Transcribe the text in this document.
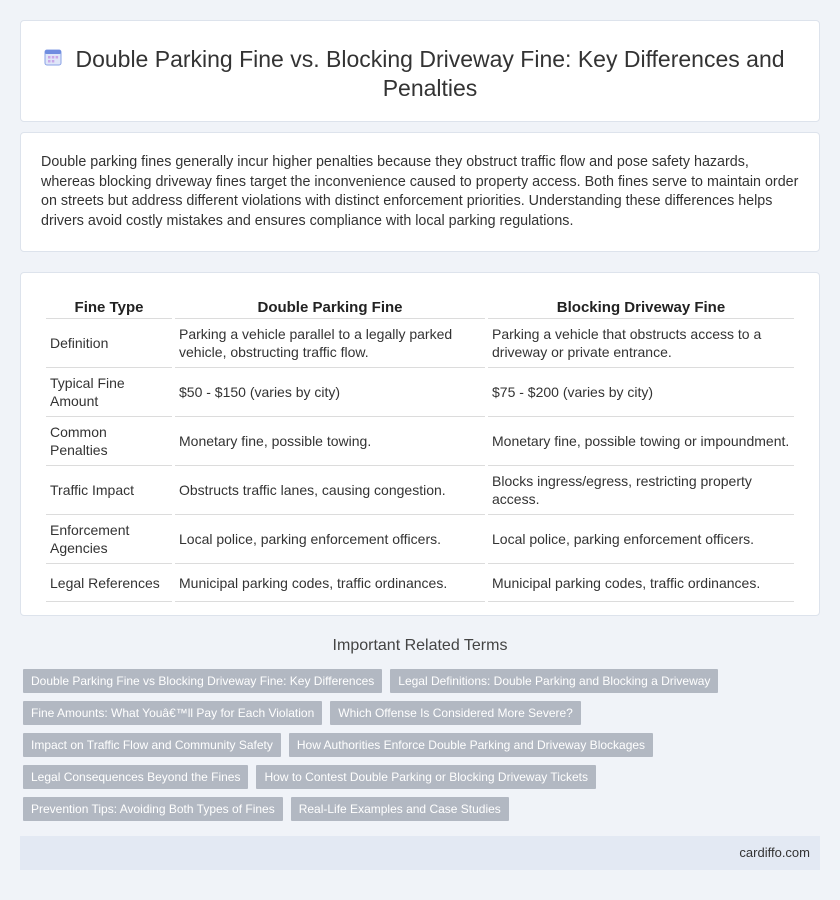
Double Parking Fine vs. Blocking Driveway Fine: Key Differences and Penalties

Double parking fines generally incur higher penalties because they obstruct traffic flow and pose safety hazards, whereas blocking driveway fines target the inconvenience caused to property access. Both fines serve to maintain order on streets but address different violations with distinct enforcement priorities. Understanding these differences helps drivers avoid costly mistakes and ensures compliance with local parking regulations.

Fine Type	Double Parking Fine	Blocking Driveway Fine
Definition	Parking a vehicle parallel to a legally parked vehicle, obstructing traffic flow.	Parking a vehicle that obstructs access to a driveway or private entrance.
Typical Fine Amount	$50 - $150 (varies by city)	$75 - $200 (varies by city)
Common Penalties	Monetary fine, possible towing.	Monetary fine, possible towing or impoundment.
Traffic Impact	Obstructs traffic lanes, causing congestion.	Blocks ingress/egress, restricting property access.
Enforcement Agencies	Local police, parking enforcement officers.	Local police, parking enforcement officers.
Legal References	Municipal parking codes, traffic ordinances.	Municipal parking codes, traffic ordinances.
Important Related Terms
Double Parking Fine vs Blocking Driveway Fine: Key Differences	Legal Definitions: Double Parking and Blocking a Driveway
Fine Amounts: What Youâ€™ll Pay for Each Violation	Which Offense Is Considered More Severe?
Impact on Traffic Flow and Community Safety	How Authorities Enforce Double Parking and Driveway Blockages
Legal Consequences Beyond the Fines	How to Contest Double Parking or Blocking Driveway Tickets
Prevention Tips: Avoiding Both Types of Fines	Real-Life Examples and Case Studies
cardiffo.com
